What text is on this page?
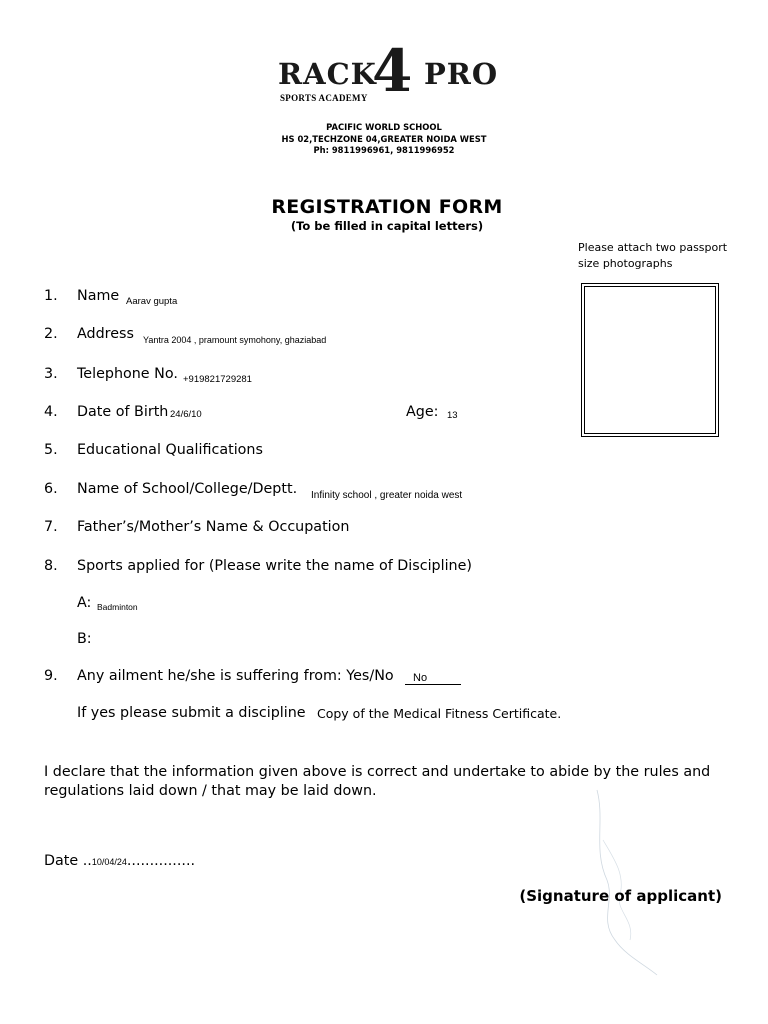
RACK
4 PRO
SPORTS ACADEMY
PACIFIC WORLD SCHOOL
HS 02,TECHZONE 04,GREATER NOIDA WEST
Ph: 9811996961, 9811996952
REGISTRATION FORM
(To be filled in capital letters)
Please attach two passport size photographs
1. Name Aarav gupta
2. Address Yantra 2004 , pramount symohony, ghaziabad
3. Telephone No. +919821729281
4. Date of Birth 24/6/10	Age: 13
5. Educational Qualifications
6. Name of School/College/Deptt. Infinity school , greater noida west
7. Father’s/Mother’s Name & Occupation
8. Sports applied for (Please write the name of Discipline)
A: Badminton
B:
9. Any ailment he/she is suffering from: Yes/No	No
If yes please submit a discipline Copy of the Medical Fitness Certificate.
I declare that the information given above is correct and undertake to abide by the rules and regulations laid down / that may be laid down.
Date ..10/04/24...............
(Signature of applicant)
